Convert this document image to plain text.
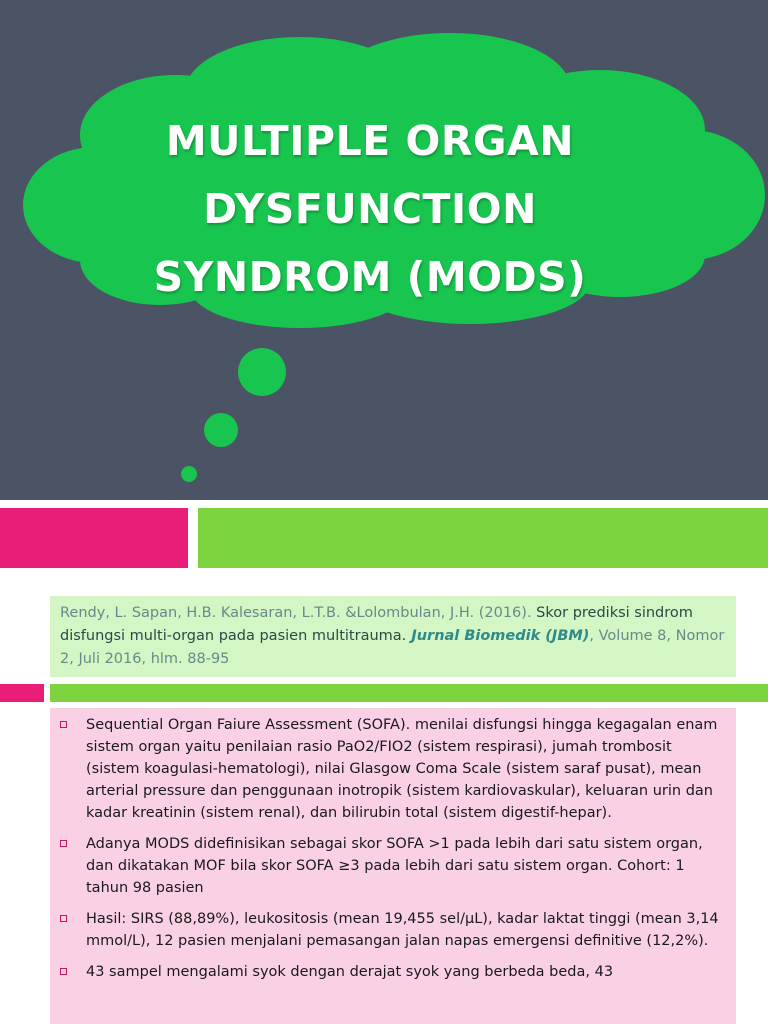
MULTIPLE ORGAN
DYSFUNCTION
SYNDROM (MODS)
Rendy, L. Sapan, H.B. Kalesaran, L.T.B. &Lolombulan, J.H. (2016). Skor prediksi sindrom disfungsi multi-organ pada pasien multitrauma. Jurnal Biomedik (JBM), Volume 8, Nomor 2, Juli 2016, hlm. 88-95
Sequential Organ Faiure Assessment (SOFA). menilai disfungsi hingga kegagalan enam sistem organ yaitu penilaian rasio PaO2/FIO2 (sistem respirasi), jumah trombosit (sistem koagulasi-hematologi), nilai Glasgow Coma Scale (sistem saraf pusat), mean arterial pressure dan penggunaan inotropik (sistem kardiovaskular), keluaran urin dan kadar kreatinin (sistem renal), dan bilirubin total (sistem digestif-hepar).
Adanya MODS didefinisikan sebagai skor SOFA >1 pada lebih dari satu sistem organ, dan dikatakan MOF bila skor SOFA ≥3 pada lebih dari satu sistem organ. Cohort: 1 tahun 98 pasien
Hasil: SIRS (88,89%), leukositosis (mean 19,455 sel/μL), kadar laktat tinggi (mean 3,14 mmol/L), 12 pasien menjalani pemasangan jalan napas emergensi definitive (12,2%).
43 sampel mengalami syok dengan derajat syok yang berbeda beda, 43
